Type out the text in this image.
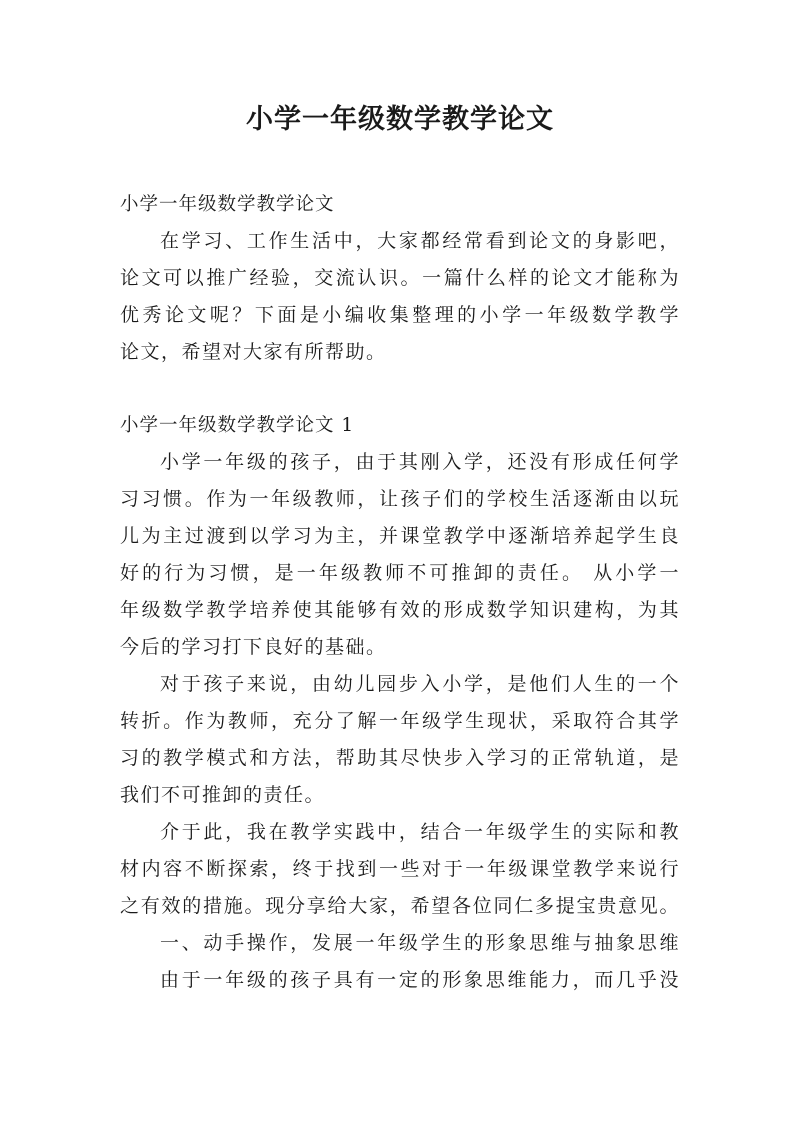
小学一年级数学教学论文
小学一年级数学教学论文
在学习、工作生活中，大家都经常看到论文的身影吧，
论文可以推广经验，交流认识。一篇什么样的论文才能称为
优秀论文呢？下面是小编收集整理的小学一年级数学教学
论文，希望对大家有所帮助。
小学一年级数学教学论文 1
小学一年级的孩子，由于其刚入学，还没有形成任何学
习习惯。作为一年级教师，让孩子们的学校生活逐渐由以玩
儿为主过渡到以学习为主，并课堂教学中逐渐培养起学生良
好的行为习惯，是一年级教师不可推卸的责任。 从小学一
年级数学教学培养使其能够有效的形成数学知识建构，为其
今后的学习打下良好的基础。
对于孩子来说，由幼儿园步入小学，是他们人生的一个
转折。作为教师，充分了解一年级学生现状，采取符合其学
习的教学模式和方法，帮助其尽快步入学习的正常轨道，是
我们不可推卸的责任。
介于此，我在教学实践中，结合一年级学生的实际和教
材内容不断探索，终于找到一些对于一年级课堂教学来说行
之有效的措施。现分享给大家，希望各位同仁多提宝贵意见。
一、动手操作，发展一年级学生的形象思维与抽象思维
由于一年级的孩子具有一定的形象思维能力，而几乎没
